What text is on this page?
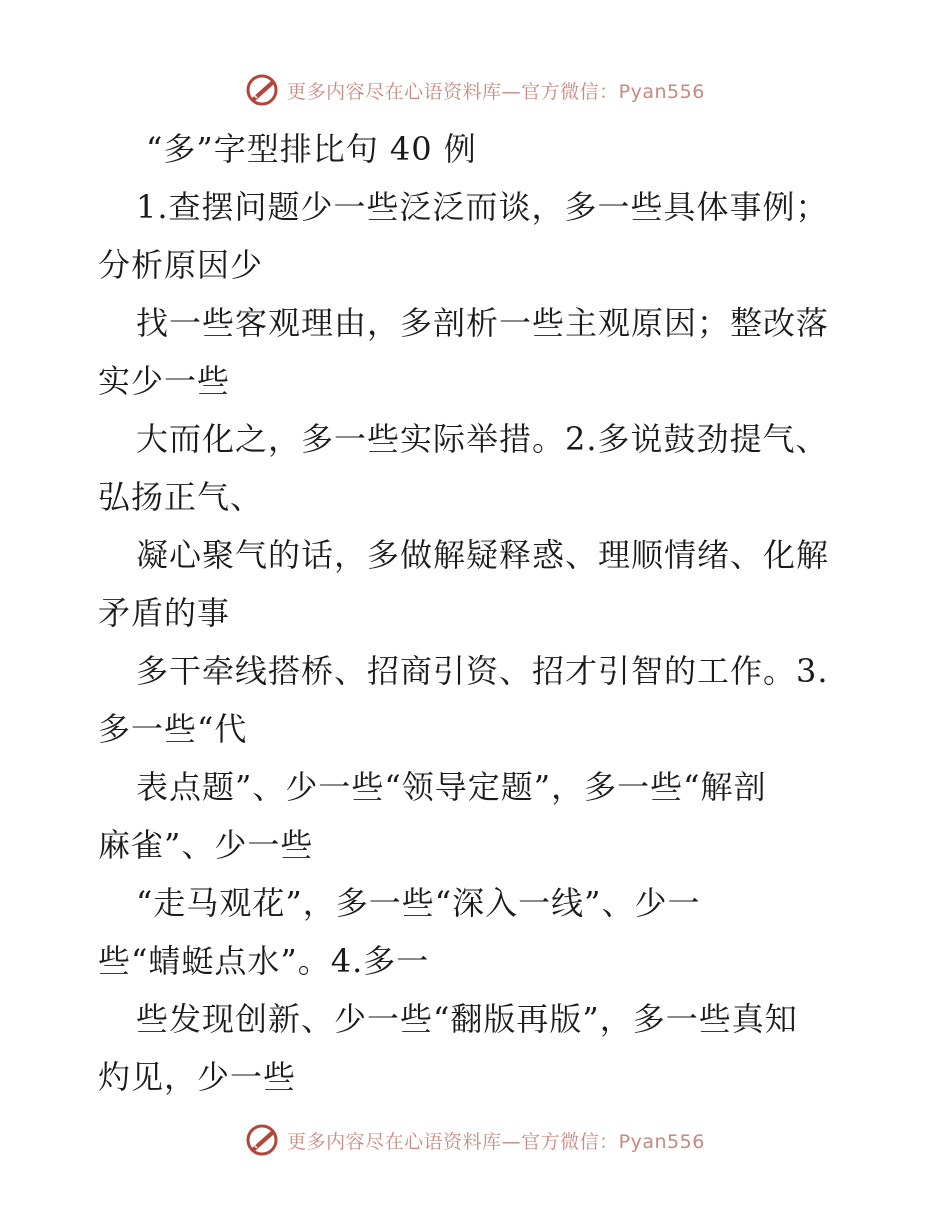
更多内容尽在心语资料库—官方微信：Pyan556
“多”字型排比句 40 例
1.查摆问题少一些泛泛而谈，多一些具体事例；
分析原因少
找一些客观理由，多剖析一些主观原因；整改落
实少一些
大而化之，多一些实际举措。2.多说鼓劲提气、
弘扬正气、
凝心聚气的话，多做解疑释惑、理顺情绪、化解
矛盾的事
多干牵线搭桥、招商引资、招才引智的工作。3.
多一些“代
表点题”、少一些“领导定题”，多一些“解剖
麻雀”、少一些
“走马观花”，多一些“深入一线”、少一
些“蜻蜓点水”。4.多一
些发现创新、少一些“翻版再版”，多一些真知
灼见，少一些
更多内容尽在心语资料库—官方微信：Pyan556
